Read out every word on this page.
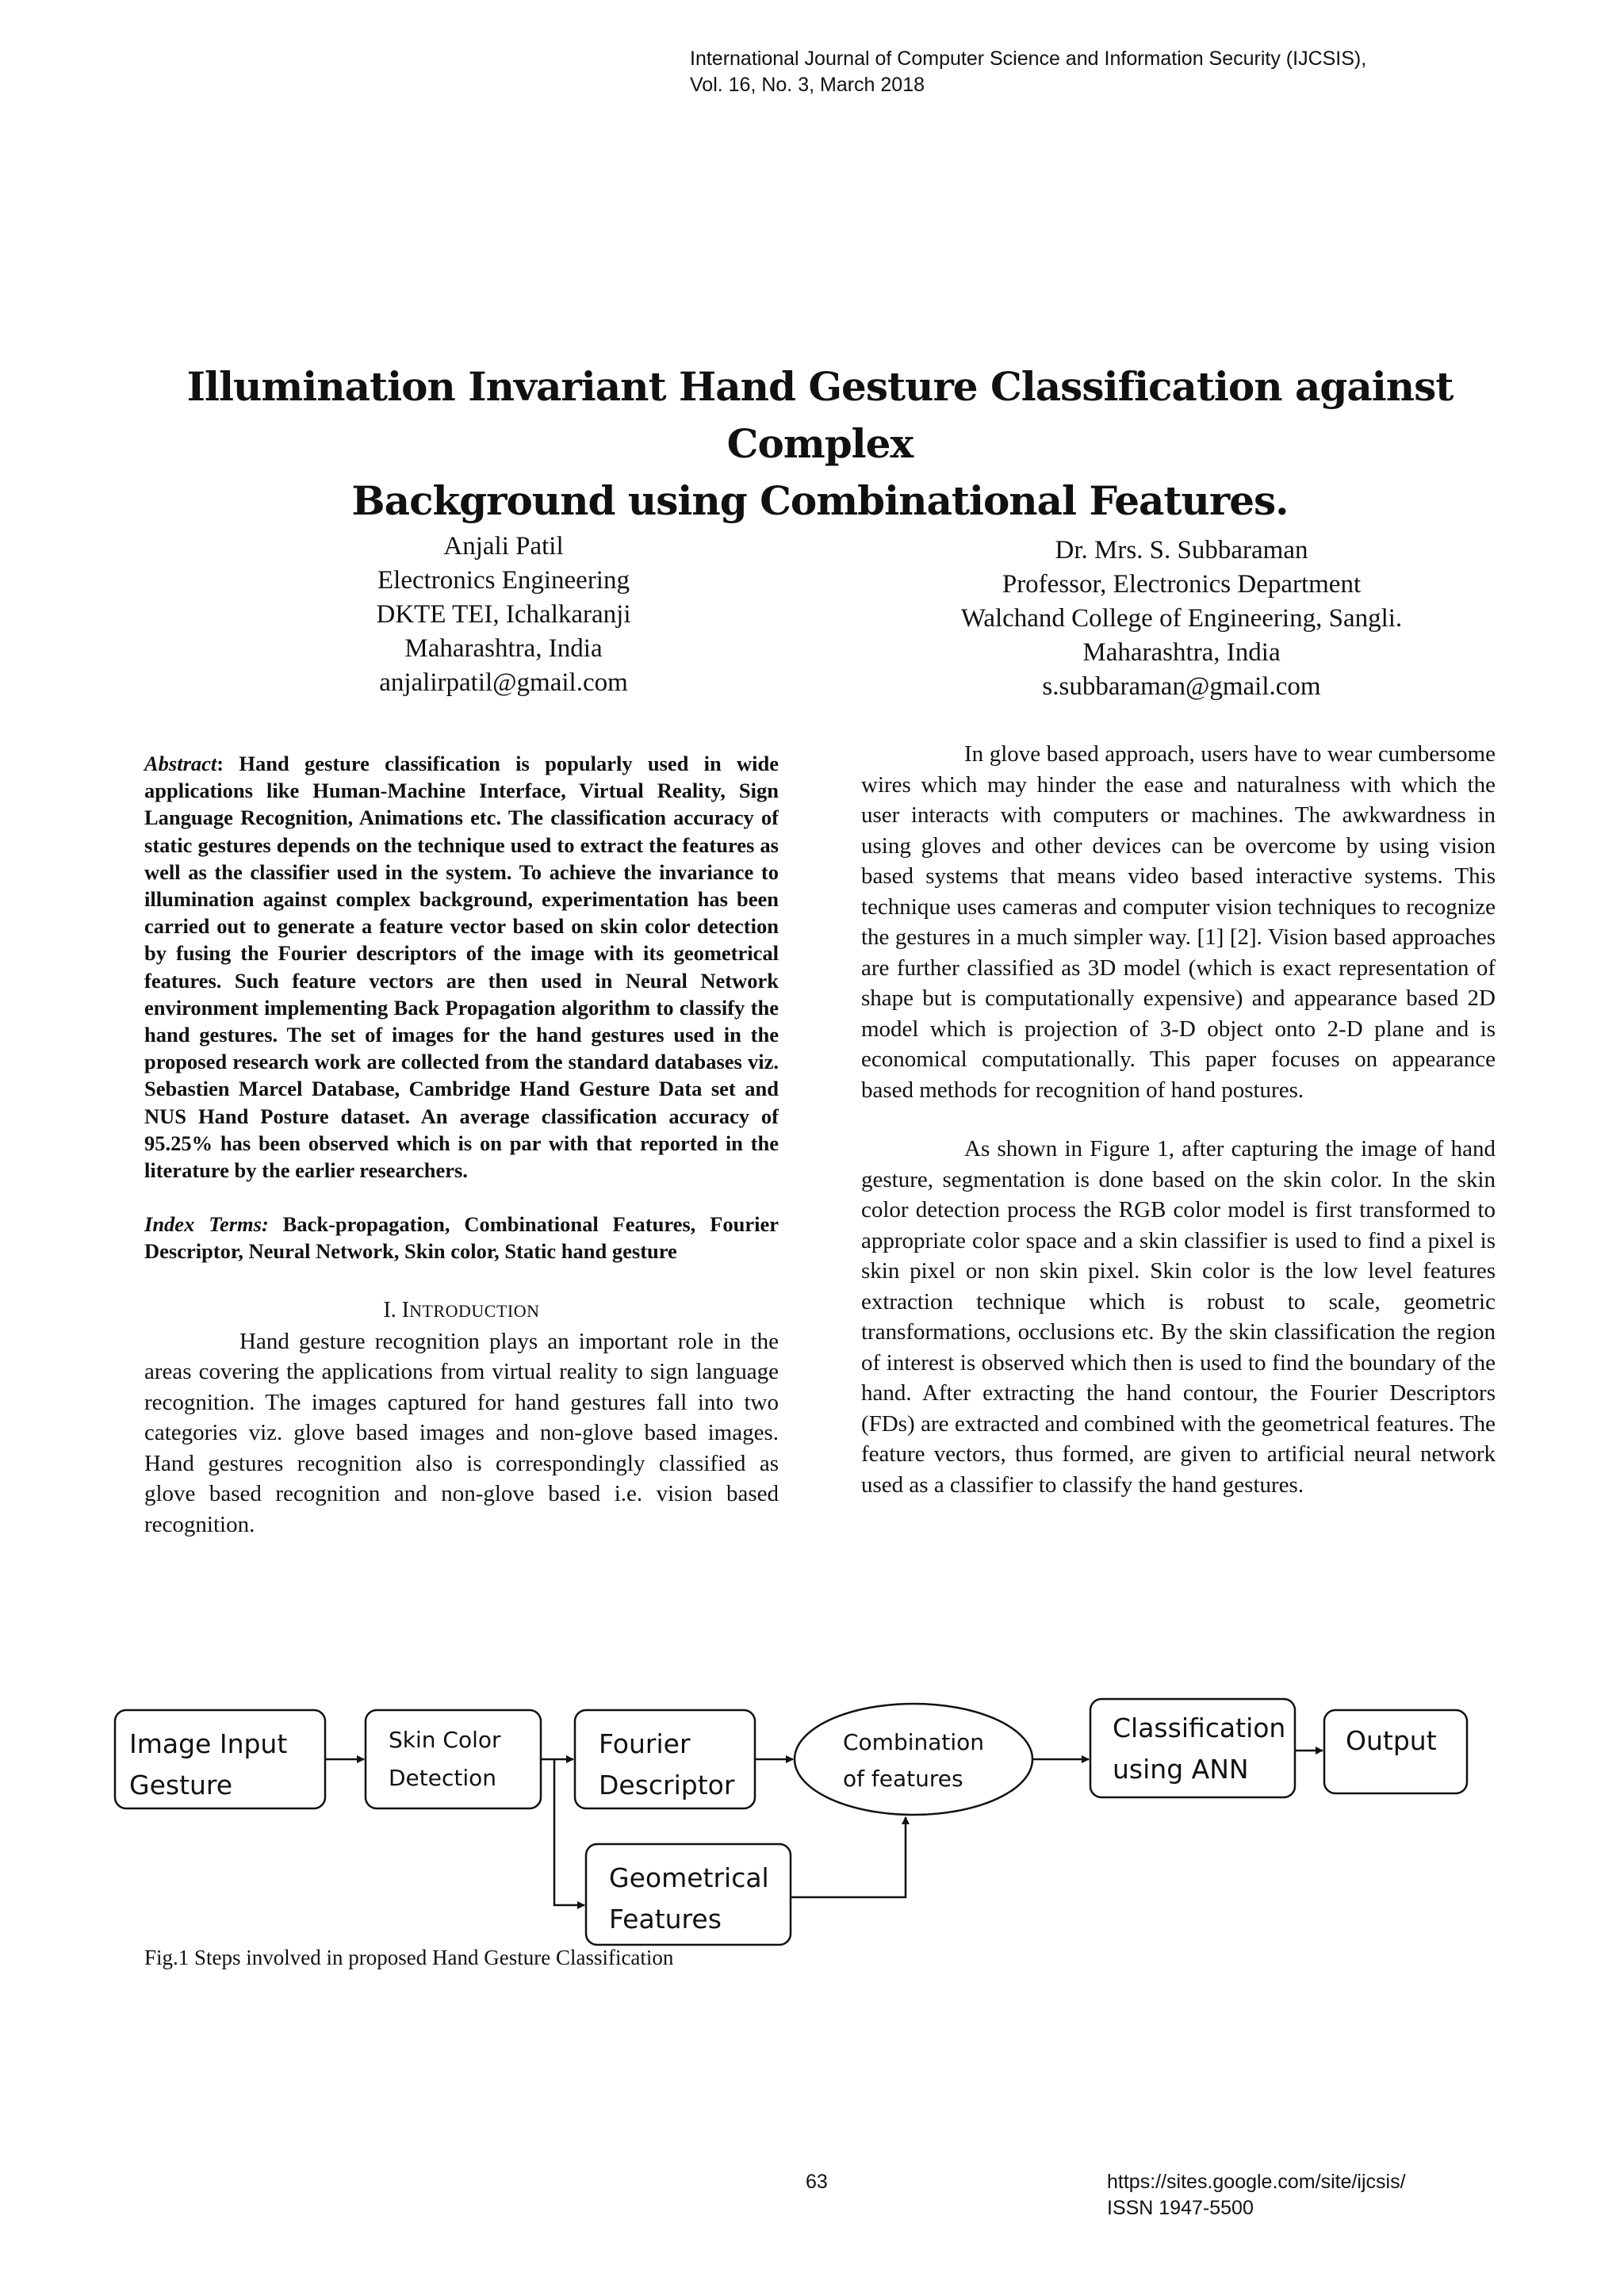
International Journal of Computer Science and Information Security (IJCSIS),
Vol. 16, No. 3, March 2018
Illumination Invariant Hand Gesture Classification against Complex
Background using Combinational Features.
Anjali Patil
Electronics Engineering
DKTE TEI, Ichalkaranji
Maharashtra, India
anjalirpatil@gmail.com
Dr. Mrs. S. Subbaraman
Professor, Electronics Department
Walchand College of Engineering, Sangli.
Maharashtra, India
s.subbaraman@gmail.com

Abstract: Hand gesture classification is popularly used in wide applications like Human-Machine Interface, Virtual Reality, Sign Language Recognition, Animations etc. The classification accuracy of static gestures depends on the technique used to extract the features as well as the classifier used in the system. To achieve the invariance to illumination against complex background, experimentation has been carried out to generate a feature vector based on skin color detection by fusing the Fourier descriptors of the image with its geometrical features. Such feature vectors are then used in Neural Network environment implementing Back Propagation algorithm to classify the hand gestures. The set of images for the hand gestures used in the proposed research work are collected from the standard databases viz. Sebastien Marcel Database, Cambridge Hand Gesture Data set and NUS Hand Posture dataset. An average classification accuracy of 95.25% has been observed which is on par with that reported in the literature by the earlier researchers.

Index Terms: Back-propagation, Combinational Features, Fourier Descriptor, Neural Network, Skin color, Static hand gesture

I. INTRODUCTION

Hand gesture recognition plays an important role in the areas covering the applications from virtual reality to sign language recognition. The images captured for hand gestures fall into two categories viz. glove based images and non-glove based images. Hand gestures recognition also is correspondingly classified as glove based recognition and non-glove based i.e. vision based recognition.

In glove based approach, users have to wear cumbersome wires which may hinder the ease and naturalness with which the user interacts with computers or machines. The awkwardness in using gloves and other devices can be overcome by using vision based systems that means video based interactive systems. This technique uses cameras and computer vision techniques to recognize the gestures in a much simpler way. [1] [2]. Vision based approaches are further classified as 3D model (which is exact representation of shape but is computationally expensive) and appearance based 2D model which is projection of 3-D object onto 2-D plane and is economical computationally. This paper focuses on appearance based methods for recognition of hand postures.

As shown in Figure 1, after capturing the image of hand gesture, segmentation is done based on the skin color. In the skin color detection process the RGB color model is first transformed to appropriate color space and a skin classifier is used to find a pixel is skin pixel or non skin pixel. Skin color is the low level features extraction technique which is robust to scale, geometric transformations, occlusions etc. By the skin classification the region of interest is observed which then is used to find the boundary of the hand. After extracting the hand contour, the Fourier Descriptors (FDs) are extracted and combined with the geometrical features. The feature vectors, thus formed, are given to artificial neural network used as a classifier to classify the hand gestures.

Image Input
Gesture
Skin Color
Detection
Fourier
Descriptor
Combination
of features
Classification
using ANN
Output
Geometrical
Features
Fig.1 Steps involved in proposed Hand Gesture Classification
63	https://sites.google.com/site/ijcsis/
ISSN 1947-5500
